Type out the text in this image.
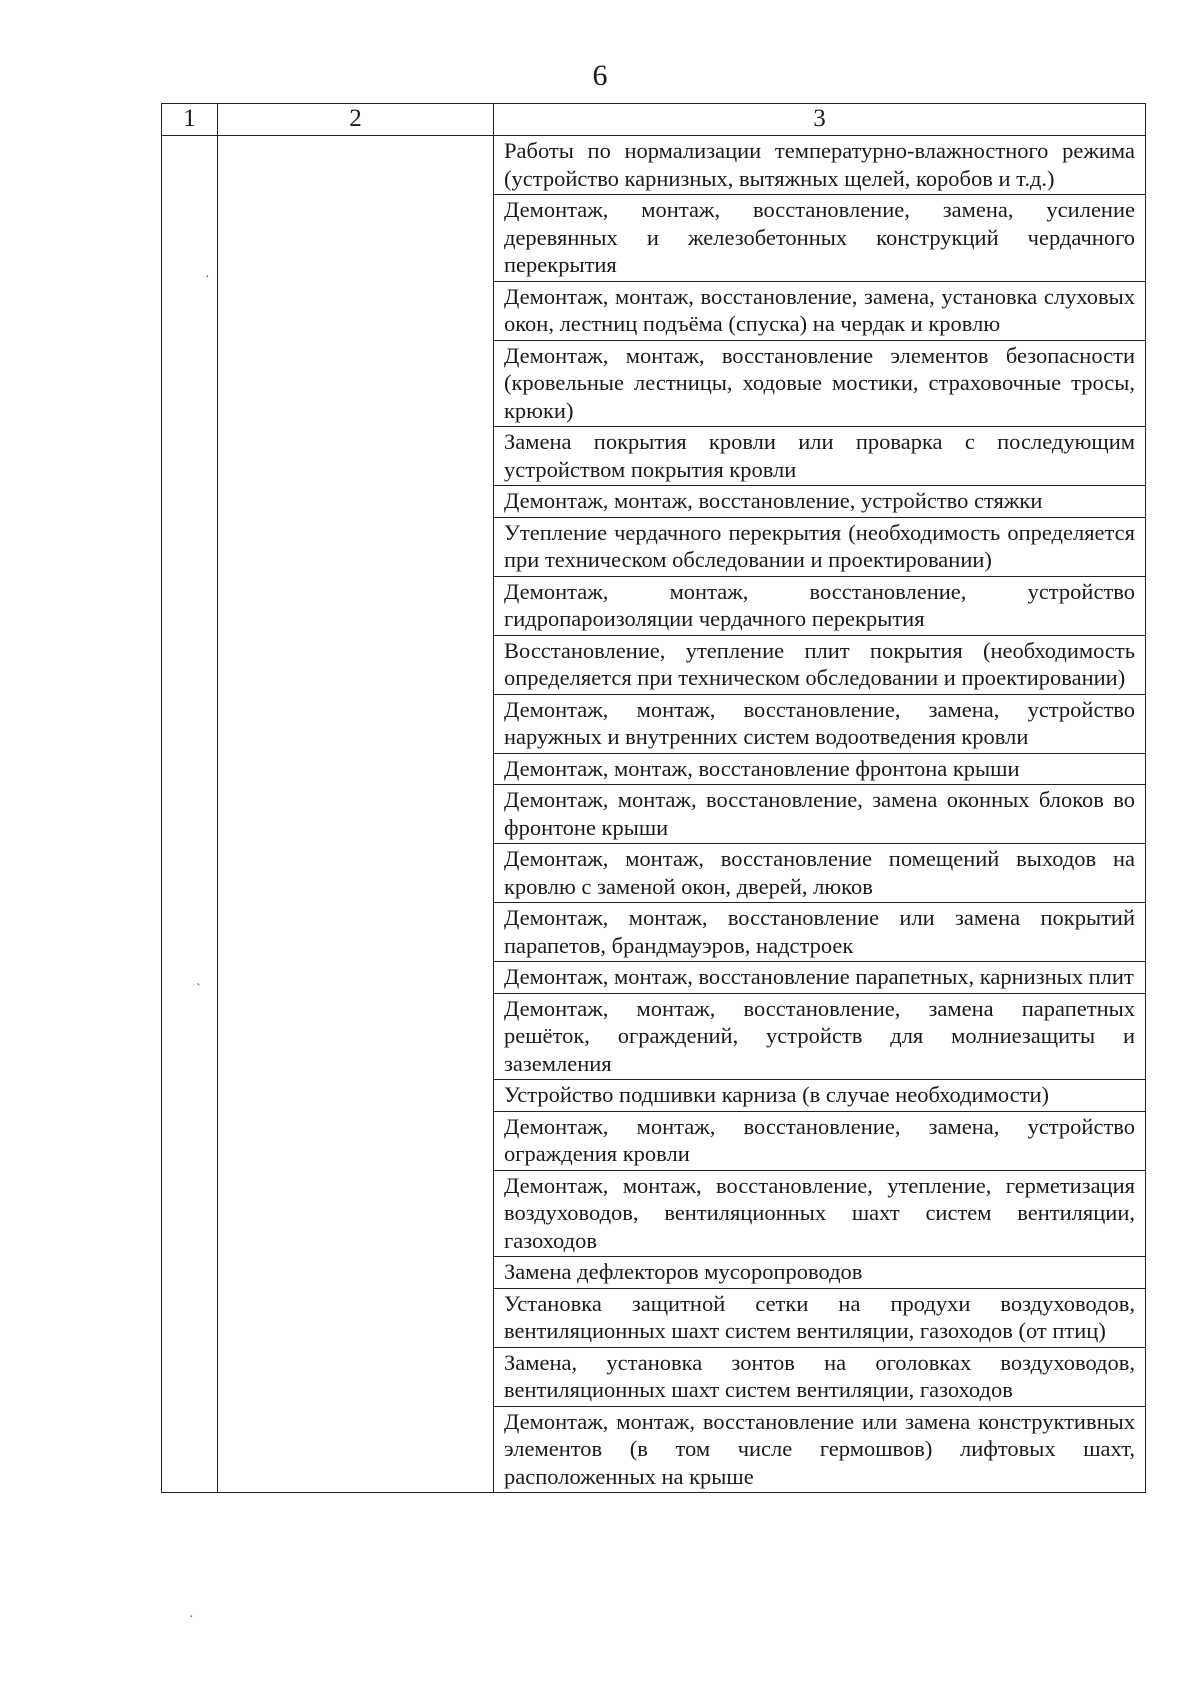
6
1	2	3

Работы по нормализации температурно-влажностного режима (устройство карнизных, вытяжных щелей, коробов и т.д.)
Демонтаж, монтаж, восстановление, замена, усиление деревянных и железобетонных конструкций чердачного перекрытия
Демонтаж, монтаж, восстановление, замена, установка слуховых окон, лестниц подъёма (спуска) на чердак и кровлю
Демонтаж, монтаж, восстановление элементов безопасности (кровельные лестницы, ходовые мостики, страховочные тросы, крюки)
Замена покрытия кровли или проварка с последующим устройством покрытия кровли
Демонтаж, монтаж, восстановление, устройство стяжки
Утепление чердачного перекрытия (необходимость определяется при техническом обследовании и проектировании)
Демонтаж, монтаж, восстановление, устройство гидропароизоляции чердачного перекрытия
Восстановление, утепление плит покрытия (необходимость определяется при техническом обследовании и проектировании)
Демонтаж, монтаж, восстановление, замена, устройство наружных и внутренних систем водоотведения кровли
Демонтаж, монтаж, восстановление фронтона крыши
Демонтаж, монтаж, восстановление, замена оконных блоков во фронтоне крыши
Демонтаж, монтаж, восстановление помещений выходов на кровлю с заменой окон, дверей, люков
Демонтаж, монтаж, восстановление или замена покрытий парапетов, брандмауэров, надстроек
Демонтаж, монтаж, восстановление парапетных, карнизных плит
Демонтаж, монтаж, восстановление, замена парапетных решёток, ограждений, устройств для молниезащиты и заземления
Устройство подшивки карниза (в случае необходимости)
Демонтаж, монтаж, восстановление, замена, устройство ограждения кровли
Демонтаж, монтаж, восстановление, утепление, герметизация воздуховодов, вентиляционных шахт систем вентиляции, газоходов
Замена дефлекторов мусоропроводов
Установка защитной сетки на продухи воздуховодов, вентиляционных шахт систем вентиляции, газоходов (от птиц)
Замена, установка зонтов на оголовках воздуховодов, вентиляционных шахт систем вентиляции, газоходов
Демонтаж, монтаж, восстановление или замена конструктивных элементов (в том числе гермошвов) лифтовых шахт, расположенных на крыше
·
`
·
